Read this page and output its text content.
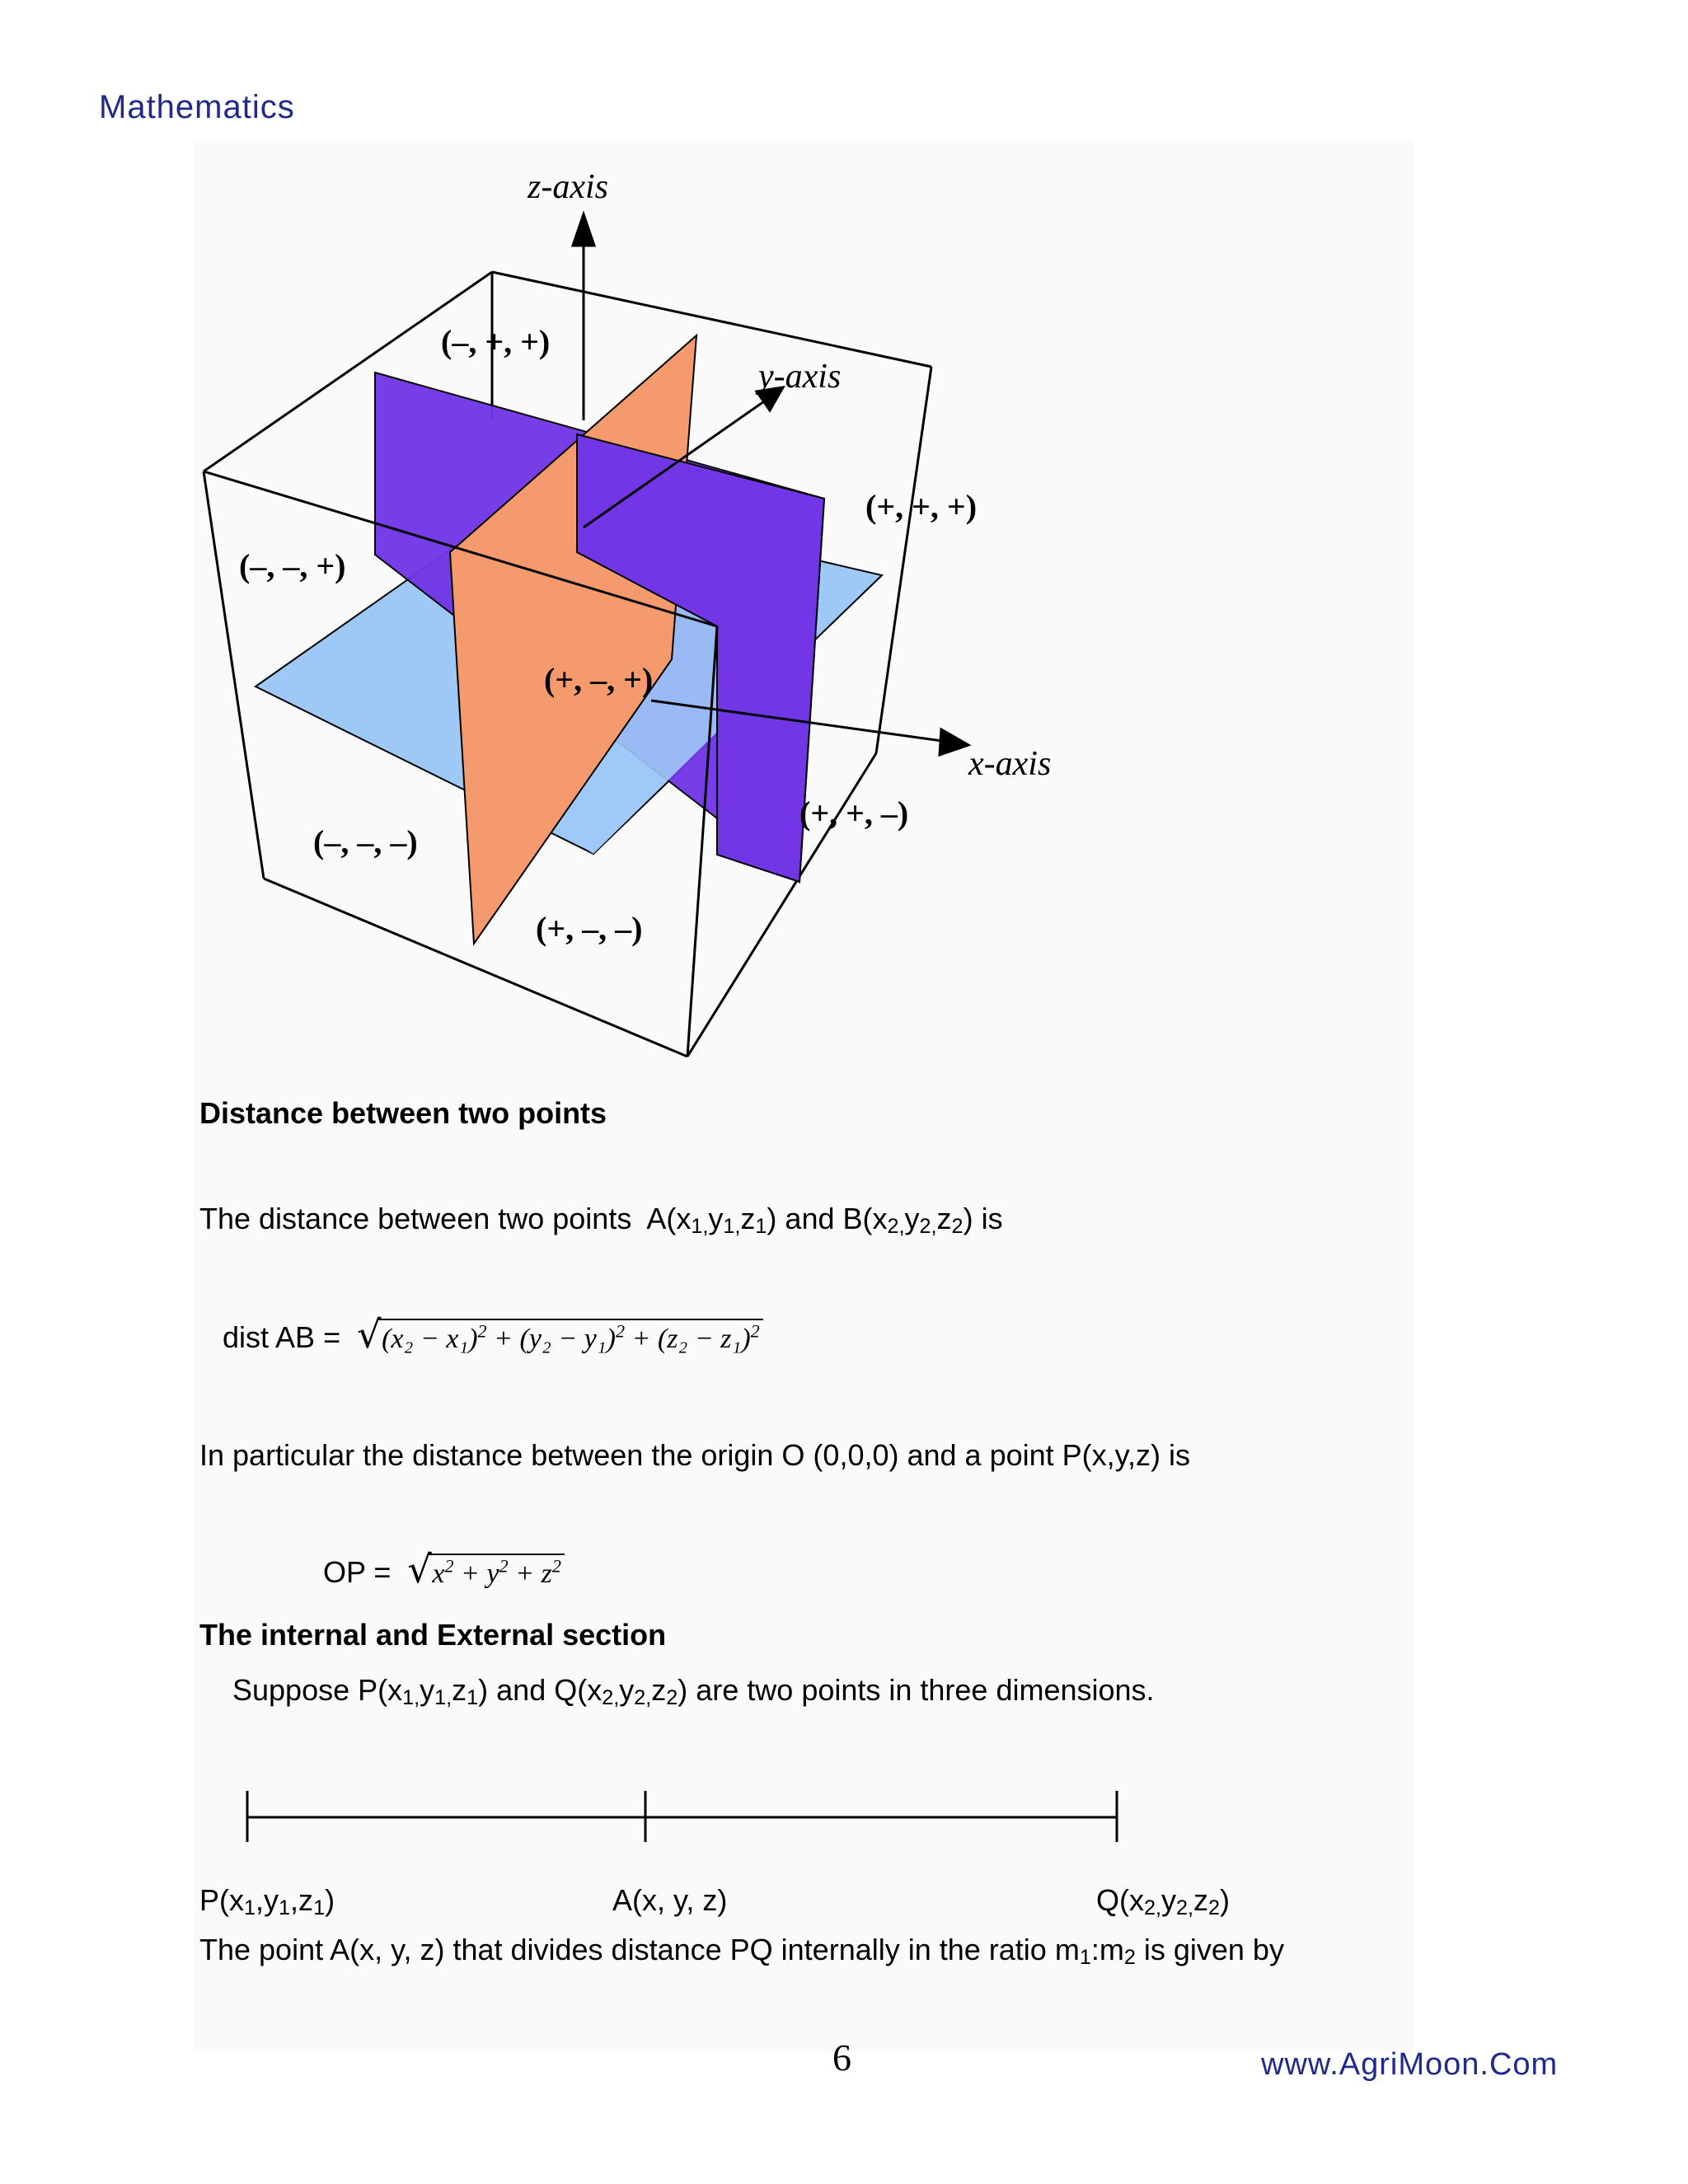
Mathematics
z-axis
y-axis
x-axis
(–, +, +)
(+, +, +)
(–, –, +)
(+, –, +)
(+, +, –)
(–, –, –)
(+, –, –)
Distance between two points
The distance between two points $A(x_{1,}y_{1,}z_1)$ and $B(x_{2,}y_{2,}z_2)$ is
dist AB = √ $(x_2 - x_1)^2 + (y_2 - y_1)^2 + (z_2 - z_1)^2$
In particular the distance between the origin O (0,0,0) and a point P(x,y,z) is
OP = √ $x^2 + y^2 + z^2$
The internal and External section
Suppose $P(x_{1,}y_{1,}z_1)$ and $Q(x_{2,}y_{2,}z_2)$ are two points in three dimensions.
$P(x_1,y_1,z_1)$	A(x, y, z)	$Q(x_{2,}y_{2,}z_2)$
The point A(x, y, z) that divides distance PQ internally in the ratio $m_1:m_2$ is given by
6	www.AgriMoon.Com
